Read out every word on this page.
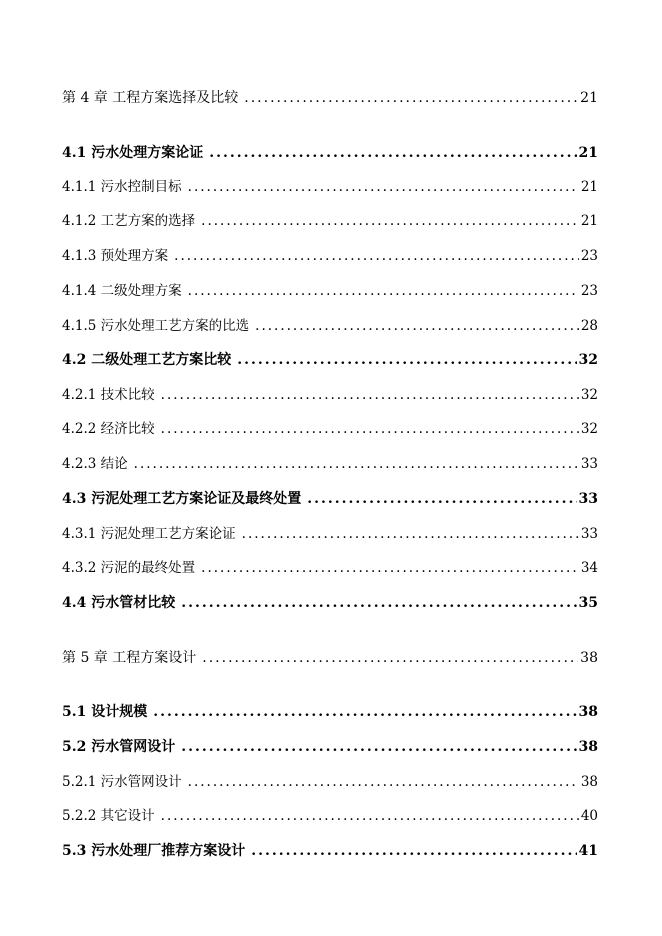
第 4 章 工程方案选择及比较 .....	21
4.1 污水处理方案论证 .....	21
4.1.1 污水控制目标 .....	21
4.1.2 工艺方案的选择 .....	21
4.1.3 预处理方案 .....	23
4.1.4 二级处理方案 .....	23
4.1.5 污水处理工艺方案的比选 .....	28
4.2 二级处理工艺方案比较 .....	32
4.2.1 技术比较 .....	32
4.2.2 经济比较 .....	32
4.2.3 结论 .....	33
4.3 污泥处理工艺方案论证及最终处置 .....	33
4.3.1 污泥处理工艺方案论证 .....	33
4.3.2 污泥的最终处置 .....	34
4.4 污水管材比较 .....	35
第 5 章 工程方案设计 .....	38
5.1 设计规模 .....	38
5.2 污水管网设计 .....	38
5.2.1 污水管网设计 .....	38
5.2.2 其它设计 .....	40
5.3 污水处理厂推荐方案设计 .....	41
